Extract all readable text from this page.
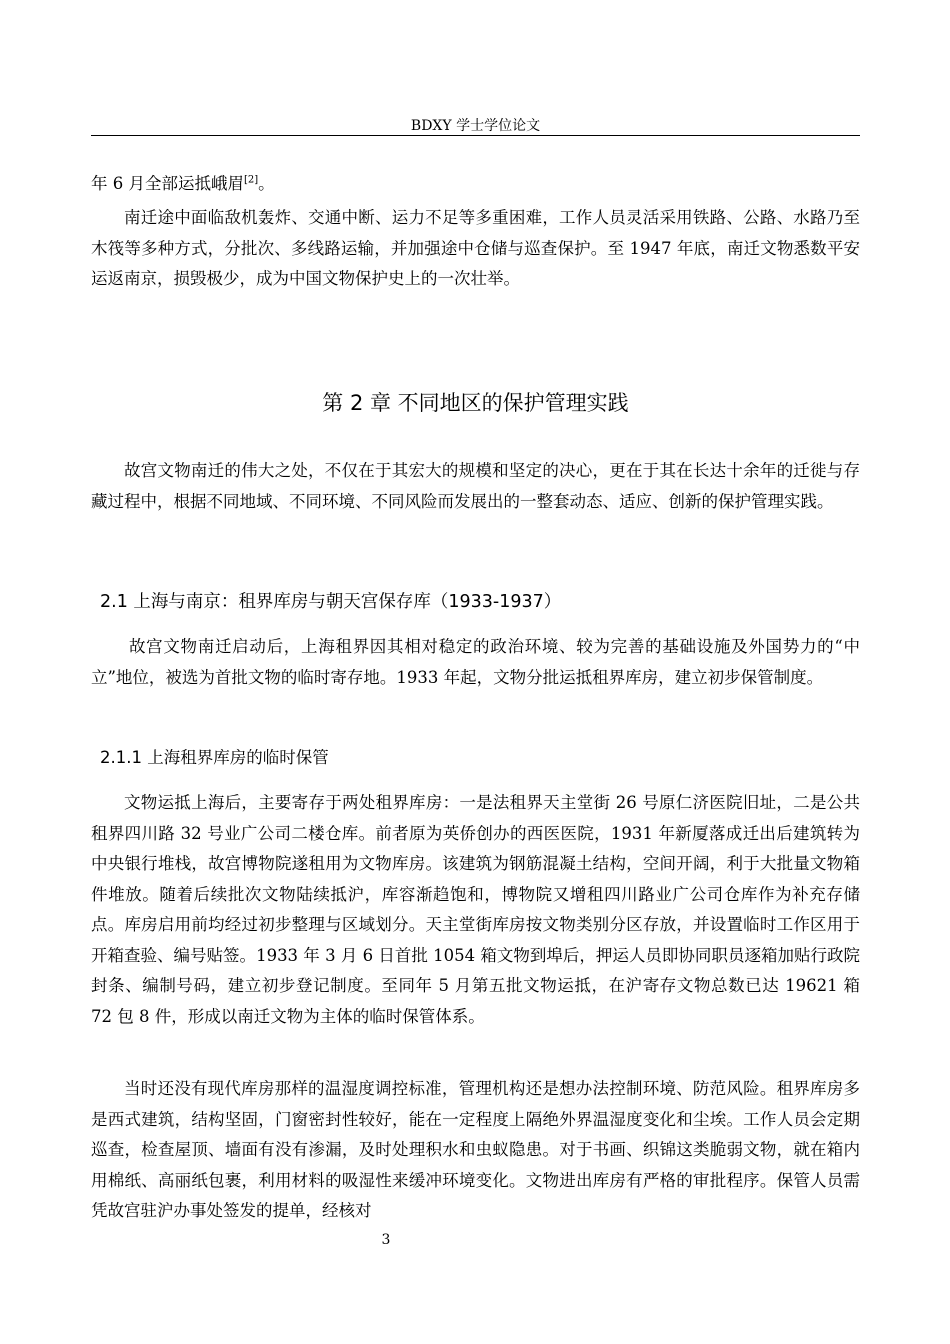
BDXY 学士学位论文

年 6 月全部运抵峨眉[2]。

南迁途中面临敌机轰炸、交通中断、运力不足等多重困难，工作人员灵活采用铁路、公路、水路乃至木筏等多种方式，分批次、多线路运输，并加强途中仓储与巡查保护。至 1947 年底，南迁文物悉数平安运返南京，损毁极少，成为中国文物保护史上的一次壮举。

第 2 章 不同地区的保护管理实践

故宫文物南迁的伟大之处，不仅在于其宏大的规模和坚定的决心，更在于其在长达十余年的迁徙与存藏过程中，根据不同地域、不同环境、不同风险而发展出的一整套动态、适应、创新的保护管理实践。

2.1 上海与南京：租界库房与朝天宫保存库（1933-1937）

故宫文物南迁启动后，上海租界因其相对稳定的政治环境、较为完善的基础设施及外国势力的“中立”地位，被选为首批文物的临时寄存地。1933 年起，文物分批运抵租界库房，建立初步保管制度。

2.1.1 上海租界库房的临时保管

文物运抵上海后，主要寄存于两处租界库房：一是法租界天主堂街 26 号原仁济医院旧址，二是公共租界四川路 32 号业广公司二楼仓库。前者原为英侨创办的西医医院，1931 年新厦落成迁出后建筑转为中央银行堆栈，故宫博物院遂租用为文物库房。该建筑为钢筋混凝土结构，空间开阔，利于大批量文物箱件堆放。随着后续批次文物陆续抵沪，库容渐趋饱和，博物院又增租四川路业广公司仓库作为补充存储点。库房启用前均经过初步整理与区域划分。天主堂街库房按文物类别分区存放，并设置临时工作区用于开箱查验、编号贴签。1933 年 3 月 6 日首批 1054 箱文物到埠后，押运人员即协同职员逐箱加贴行政院封条、编制号码，建立初步登记制度。至同年 5 月第五批文物运抵，在沪寄存文物总数已达 19621 箱 72 包 8 件，形成以南迁文物为主体的临时保管体系。

当时还没有现代库房那样的温湿度调控标准，管理机构还是想办法控制环境、防范风险。租界库房多是西式建筑，结构坚固，门窗密封性较好，能在一定程度上隔绝外界温湿度变化和尘埃。工作人员会定期巡查，检查屋顶、墙面有没有渗漏，及时处理积水和虫蚁隐患。对于书画、织锦这类脆弱文物，就在箱内用棉纸、高丽纸包裹，利用材料的吸湿性来缓冲环境变化。文物进出库房有严格的审批程序。保管人员需凭故宫驻沪办事处签发的提单，经核对

3
